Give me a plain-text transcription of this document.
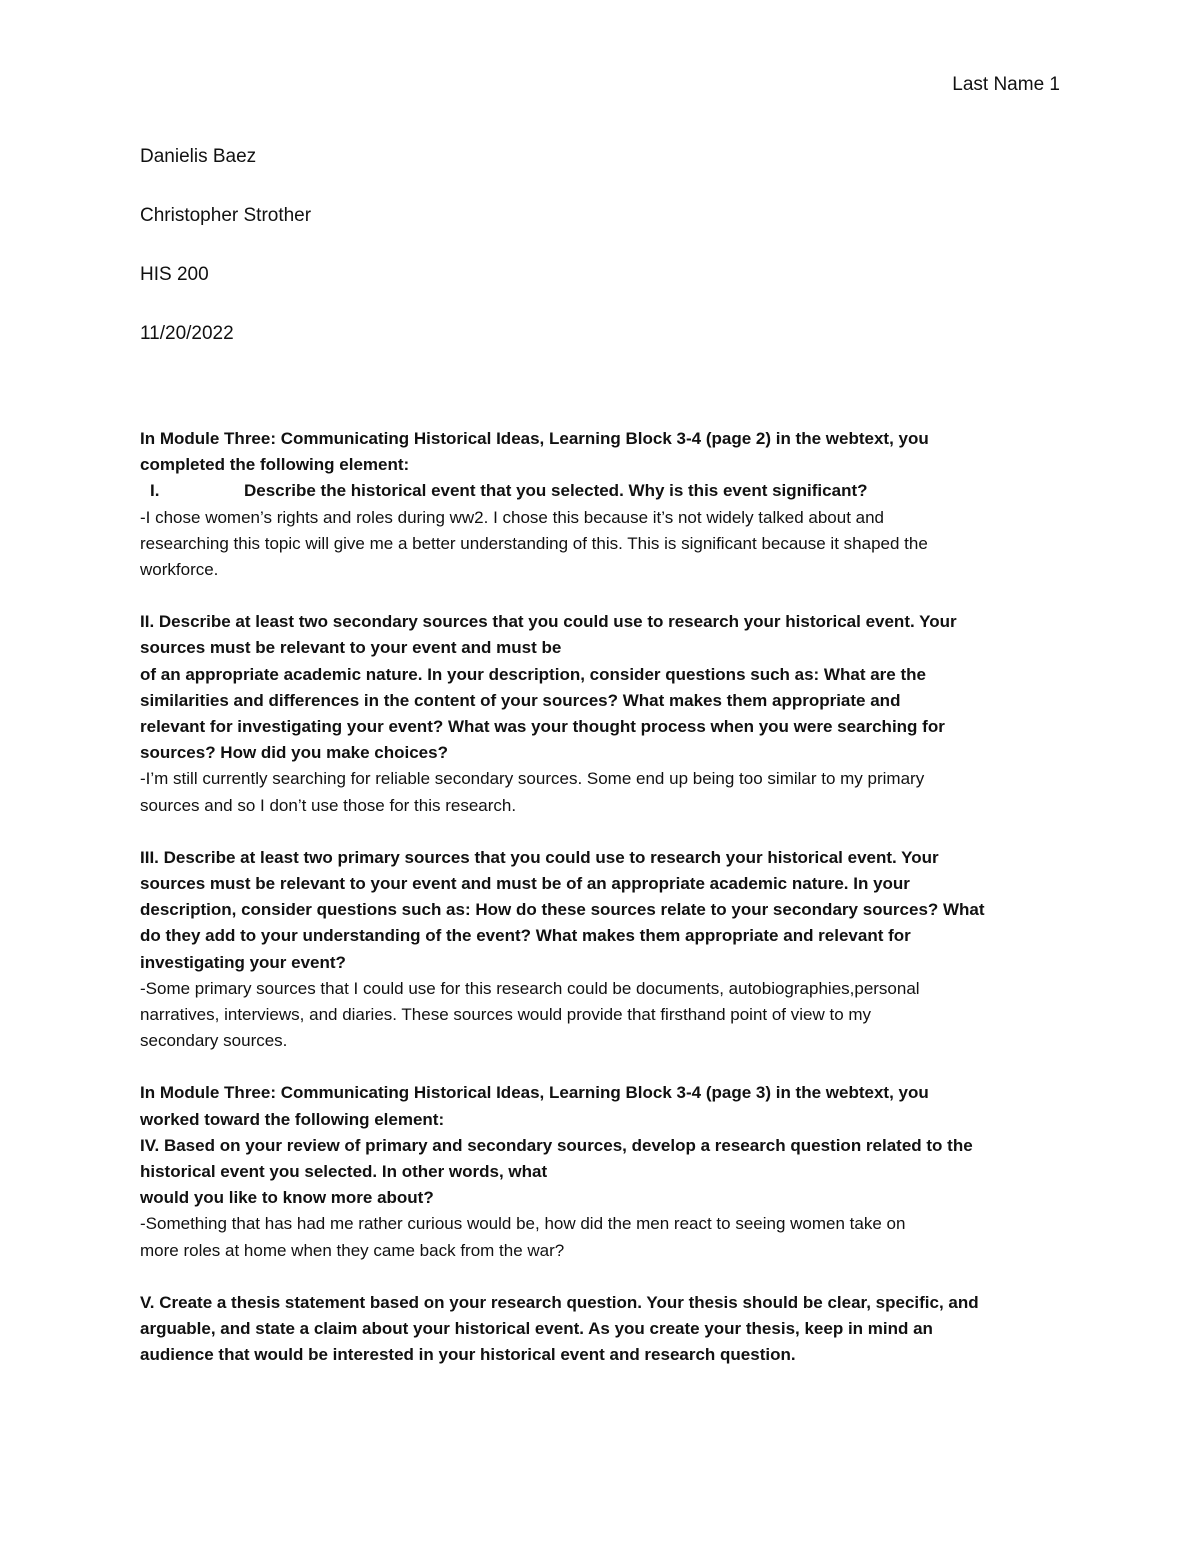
Last Name 1
Danielis Baez
Christopher Strother
HIS 200
11/20/2022
In Module Three: Communicating Historical Ideas, Learning Block 3-4 (page 2) in the webtext, you
completed the following element:
I.	Describe the historical event that you selected. Why is this event significant?
-I chose women’s rights and roles during ww2. I chose this because it’s not widely talked about and
researching this topic will give me a better understanding of this. This is significant because it shaped the
workforce.
II. Describe at least two secondary sources that you could use to research your historical event. Your
sources must be relevant to your event and must be
of an appropriate academic nature. In your description, consider questions such as: What are the
similarities and differences in the content of your sources? What makes them appropriate and
relevant for investigating your event? What was your thought process when you were searching for
sources? How did you make choices?
-I’m still currently searching for reliable secondary sources. Some end up being too similar to my primary
sources and so I don’t use those for this research.
III. Describe at least two primary sources that you could use to research your historical event. Your
sources must be relevant to your event and must be of an appropriate academic nature. In your
description, consider questions such as: How do these sources relate to your secondary sources? What
do they add to your understanding of the event? What makes them appropriate and relevant for
investigating your event?
-Some primary sources that I could use for this research could be documents, autobiographies,personal
narratives, interviews, and diaries. These sources would provide that firsthand point of view to my
secondary sources.
In Module Three: Communicating Historical Ideas, Learning Block 3-4 (page 3) in the webtext, you
worked toward the following element:
IV. Based on your review of primary and secondary sources, develop a research question related to the
historical event you selected. In other words, what
would you like to know more about?
-Something that has had me rather curious would be, how did the men react to seeing women take on
more roles at home when they came back from the war?
V. Create a thesis statement based on your research question. Your thesis should be clear, specific, and
arguable, and state a claim about your historical event. As you create your thesis, keep in mind an
audience that would be interested in your historical event and research question.
